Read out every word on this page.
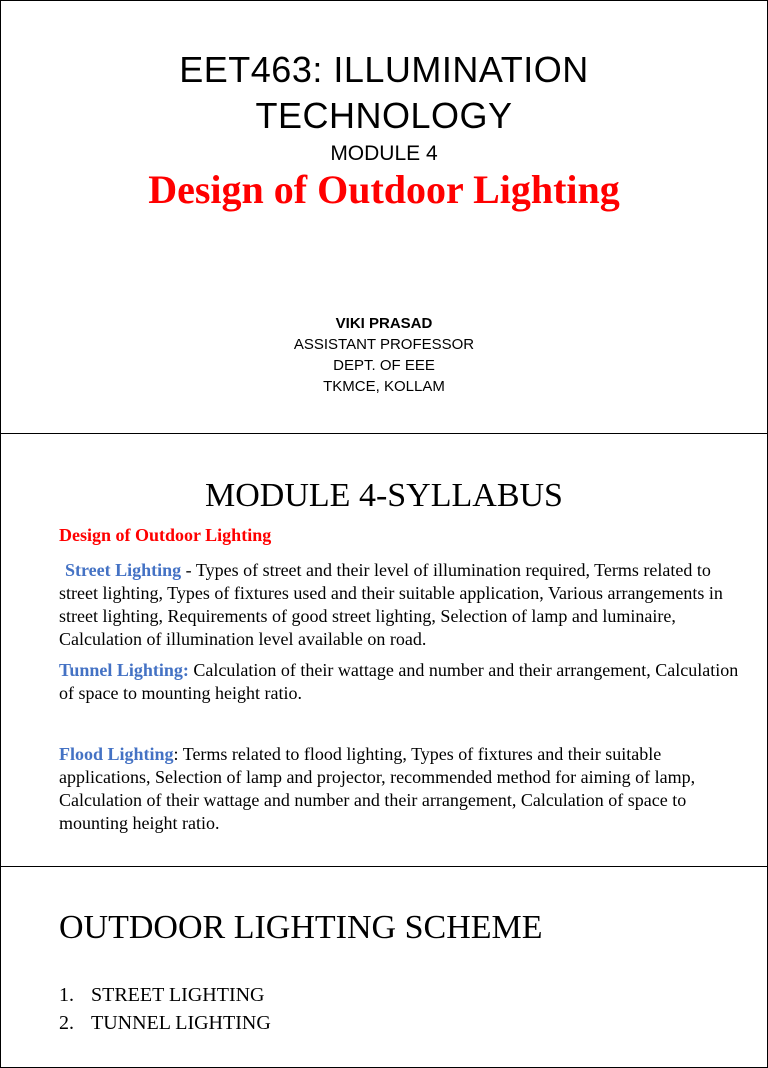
EET463: ILLUMINATION
TECHNOLOGY
MODULE 4
Design of Outdoor Lighting
VIKI PRASAD
ASSISTANT PROFESSOR
DEPT. OF EEE
TKMCE, KOLLAM
MODULE 4-SYLLABUS

Design of Outdoor Lighting

Street Lighting - Types of street and their level of illumination required, Terms related to street lighting, Types of fixtures used and their suitable application, Various arrangements in street lighting, Requirements of good street lighting, Selection of lamp and luminaire, Calculation of illumination level available on road.

Tunnel Lighting: Calculation of their wattage and number and their arrangement, Calculation of space to mounting height ratio.

Flood Lighting: Terms related to flood lighting, Types of fixtures and their suitable applications, Selection of lamp and projector, recommended method for aiming of lamp, Calculation of their wattage and number and their arrangement, Calculation of space to mounting height ratio.

OUTDOOR LIGHTING SCHEME
1. STREET LIGHTING
2. TUNNEL LIGHTING
